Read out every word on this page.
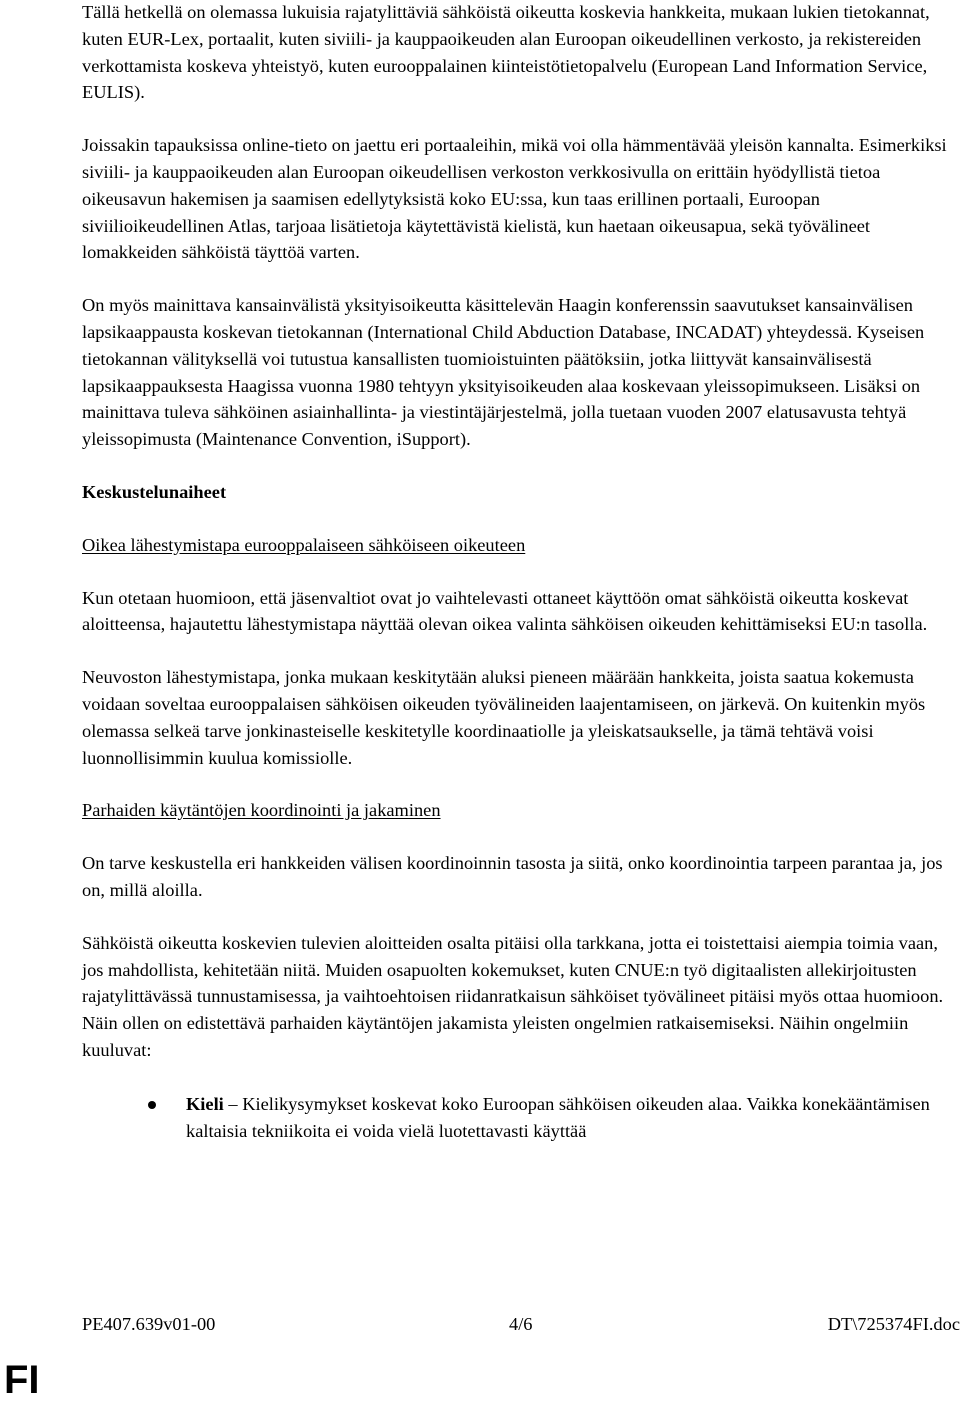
Tällä hetkellä on olemassa lukuisia rajatylittäviä sähköistä oikeutta koskevia hankkeita, mukaan lukien tietokannat, kuten EUR-Lex, portaalit, kuten siviili- ja kauppaoikeuden alan Euroopan oikeudellinen verkosto, ja rekistereiden verkottamista koskeva yhteistyö, kuten eurooppalainen kiinteistötietopalvelu (European Land Information Service, EULIS).

Joissakin tapauksissa online-tieto on jaettu eri portaaleihin, mikä voi olla hämmentävää yleisön kannalta. Esimerkiksi siviili- ja kauppaoikeuden alan Euroopan oikeudellisen verkoston verkkosivulla on erittäin hyödyllistä tietoa oikeusavun hakemisen ja saamisen edellytyksistä koko EU:ssa, kun taas erillinen portaali, Euroopan siviilioikeudellinen Atlas, tarjoaa lisätietoja käytettävistä kielistä, kun haetaan oikeusapua, sekä työvälineet lomakkeiden sähköistä täyttöä varten.

On myös mainittava kansainvälistä yksityisoikeutta käsittelevän Haagin konferenssin saavutukset kansainvälisen lapsikaappausta koskevan tietokannan (International Child Abduction Database, INCADAT) yhteydessä. Kyseisen tietokannan välityksellä voi tutustua kansallisten tuomioistuinten päätöksiin, jotka liittyvät kansainvälisestä lapsikaappauksesta Haagissa vuonna 1980 tehtyyn yksityisoikeuden alaa koskevaan yleissopimukseen. Lisäksi on mainittava tuleva sähköinen asiainhallinta- ja viestintäjärjestelmä, jolla tuetaan vuoden 2007 elatusavusta tehtyä yleissopimusta (Maintenance Convention, iSupport).

Keskustelunaiheet

Oikea lähestymistapa eurooppalaiseen sähköiseen oikeuteen

Kun otetaan huomioon, että jäsenvaltiot ovat jo vaihtelevasti ottaneet käyttöön omat sähköistä oikeutta koskevat aloitteensa, hajautettu lähestymistapa näyttää olevan oikea valinta sähköisen oikeuden kehittämiseksi EU:n tasolla.

Neuvoston lähestymistapa, jonka mukaan keskitytään aluksi pieneen määrään hankkeita, joista saatua kokemusta voidaan soveltaa eurooppalaisen sähköisen oikeuden työvälineiden laajentamiseen, on järkevä. On kuitenkin myös olemassa selkeä tarve jonkinasteiselle keskitetylle koordinaatiolle ja yleiskatsaukselle, ja tämä tehtävä voisi luonnollisimmin kuulua komissiolle.

Parhaiden käytäntöjen koordinointi ja jakaminen

On tarve keskustella eri hankkeiden välisen koordinoinnin tasosta ja siitä, onko koordinointia tarpeen parantaa ja, jos on, millä aloilla.

Sähköistä oikeutta koskevien tulevien aloitteiden osalta pitäisi olla tarkkana, jotta ei toistettaisi aiempia toimia vaan, jos mahdollista, kehitetään niitä. Muiden osapuolten kokemukset, kuten CNUE:n työ digitaalisten allekirjoitusten rajatylittävässä tunnustamisessa, ja vaihtoehtoisen riidanratkaisun sähköiset työvälineet pitäisi myös ottaa huomioon. Näin ollen on edistettävä parhaiden käytäntöjen jakamista yleisten ongelmien ratkaisemiseksi. Näihin ongelmiin kuuluvat:

Kieli – Kielikysymykset koskevat koko Euroopan sähköisen oikeuden alaa. Vaikka konekääntämisen kaltaisia tekniikoita ei voida vielä luotettavasti käyttää
PE407.639v01-00	4/6	DT\725374FI.doc
FI
